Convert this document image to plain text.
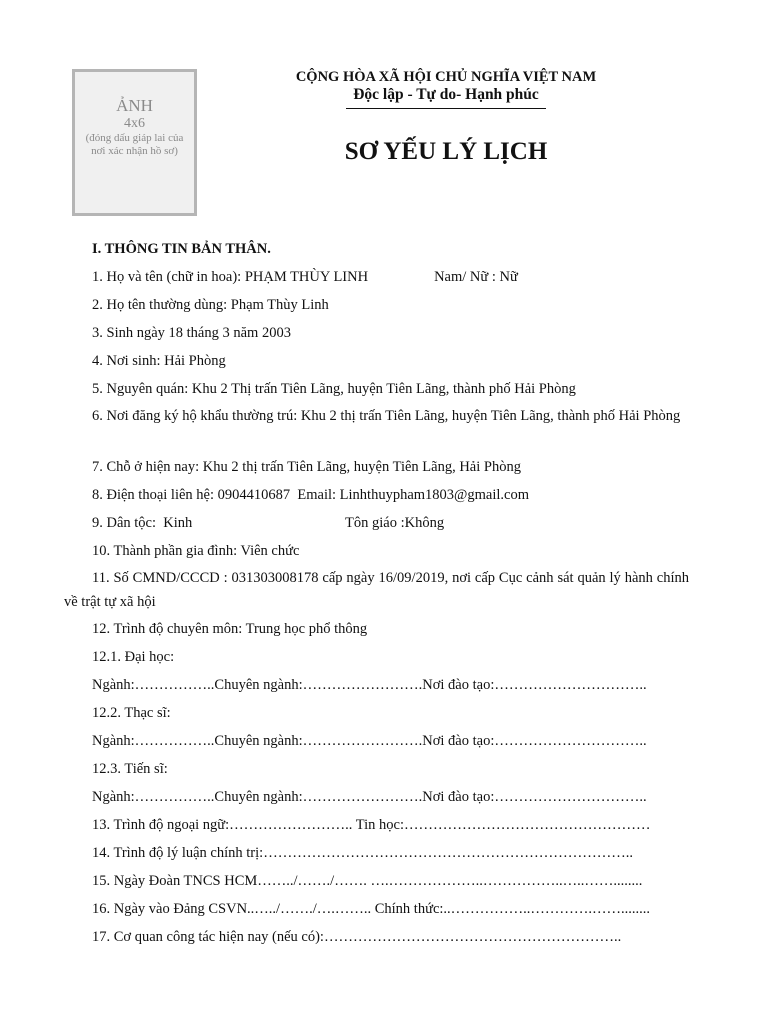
ẢNH
4x6
(đóng dấu giáp lai của nơi xác nhận hồ sơ)
CỘNG HÒA XÃ HỘI CHỦ NGHĨA VIỆT NAM
Độc lập - Tự do- Hạnh phúc
SƠ YẾU LÝ LỊCH
I. THÔNG TIN BẢN THÂN.
1. Họ và tên (chữ in hoa): PHẠM THÙY LINH	Nam/ Nữ : Nữ
2. Họ tên thường dùng: Phạm Thùy Linh
3. Sinh ngày 18 tháng 3 năm 2003
4. Nơi sinh: Hải Phòng
5. Nguyên quán: Khu 2 Thị trấn Tiên Lãng, huyện Tiên Lãng, thành phố Hải Phòng
6. Nơi đăng ký hộ khẩu thường trú: Khu 2 thị trấn Tiên Lãng, huyện Tiên Lãng, thành phố Hải Phòng
7. Chỗ ở hiện nay: Khu 2 thị trấn Tiên Lãng, huyện Tiên Lãng, Hải Phòng
8. Điện thoại liên hệ: 0904410687  Email: Linhthuypham1803@gmail.com
9. Dân tộc:  Kinh	Tôn giáo :Không
10. Thành phần gia đình: Viên chức
11. Số CMND/CCCD : 031303008178 cấp ngày 16/09/2019, nơi cấp Cục cảnh sát quản lý hành chính về trật tự xã hội
12. Trình độ chuyên môn: Trung học phổ thông
12.1. Đại học:
Ngành:……………..Chuyên ngành:…………………….Nơi đào tạo:…………………………..
12.2. Thạc sĩ:
Ngành:……………..Chuyên ngành:…………………….Nơi đào tạo:…………………………..
12.3. Tiến sĩ:
Ngành:……………..Chuyên ngành:…………………….Nơi đào tạo:…………………………..
13. Trình độ ngoại ngữ:…………………….. Tin học:……………………………………………
14. Trình độ lý luận chính trị:…………………………………………………………………..
15. Ngày Đoàn TNCS HCM……../……./……. ….………………..……………..…..……........
16. Ngày vào Đảng CSVN..…../……./….…….. Chính thức:..……………..………….……........
17. Cơ quan công tác hiện nay (nếu có):……………………………………………………..
